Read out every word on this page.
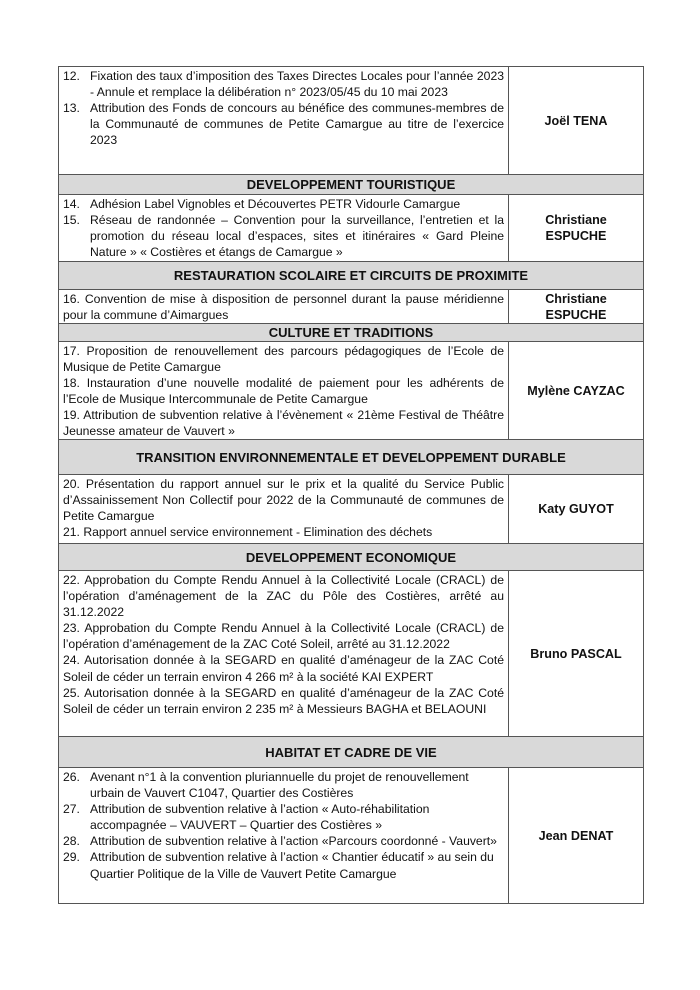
12. Fixation des taux d’imposition des Taxes Directes Locales pour l’année 2023 - Annule et remplace la délibération n° 2023/05/45 du 10 mai 2023
13. Attribution des Fonds de concours au bénéfice des communes-membres de la Communauté de communes de Petite Camargue au titre de l’exercice 2023
Joël TENA
DEVELOPPEMENT TOURISTIQUE
14. Adhésion Label Vignobles et Découvertes PETR Vidourle Camargue
15. Réseau de randonnée – Convention pour la surveillance, l’entretien et la promotion du réseau local d’espaces, sites et itinéraires « Gard Pleine Nature » « Costières et étangs de Camargue »
Christiane
ESPUCHE
RESTAURATION SCOLAIRE ET CIRCUITS DE PROXIMITE
16. Convention de mise à disposition de personnel durant la pause méridienne pour la commune d’Aimargues
Christiane
ESPUCHE
CULTURE ET TRADITIONS
17. Proposition de renouvellement des parcours pédagogiques de l’Ecole de Musique de Petite Camargue
18. Instauration d’une nouvelle modalité de paiement pour les adhérents de l’Ecole de Musique Intercommunale de Petite Camargue
19. Attribution de subvention relative à l’évènement « 21ème Festival de Théâtre Jeunesse amateur de Vauvert »
Mylène CAYZAC
TRANSITION ENVIRONNEMENTALE ET DEVELOPPEMENT DURABLE
20. Présentation du rapport annuel sur le prix et la qualité du Service Public d’Assainissement Non Collectif pour 2022 de la Communauté de communes de Petite Camargue
21. Rapport annuel service environnement - Elimination des déchets
Katy GUYOT
DEVELOPPEMENT ECONOMIQUE
22. Approbation du Compte Rendu Annuel à la Collectivité Locale (CRACL) de l’opération d’aménagement de la ZAC du Pôle des Costières, arrêté au 31.12.2022
23. Approbation du Compte Rendu Annuel à la Collectivité Locale (CRACL) de l’opération d’aménagement de la ZAC Coté Soleil, arrêté au 31.12.2022
24. Autorisation donnée à la SEGARD en qualité d’aménageur de la ZAC Coté Soleil de céder un terrain environ 4 266 m² à la société KAI EXPERT
25. Autorisation donnée à la SEGARD en qualité d’aménageur de la ZAC Coté Soleil de céder un terrain environ 2 235 m² à Messieurs BAGHA et BELAOUNI
Bruno PASCAL
HABITAT ET CADRE DE VIE
26. Avenant n°1 à la convention pluriannuelle du projet de renouvellement urbain de Vauvert C1047, Quartier des Costières
27. Attribution de subvention relative à l’action « Auto-réhabilitation accompagnée – VAUVERT – Quartier des Costières »
28. Attribution de subvention relative à l’action «Parcours coordonné - Vauvert»
29. Attribution de subvention relative à l’action « Chantier éducatif » au sein du Quartier Politique de la Ville de Vauvert Petite Camargue
Jean DENAT
